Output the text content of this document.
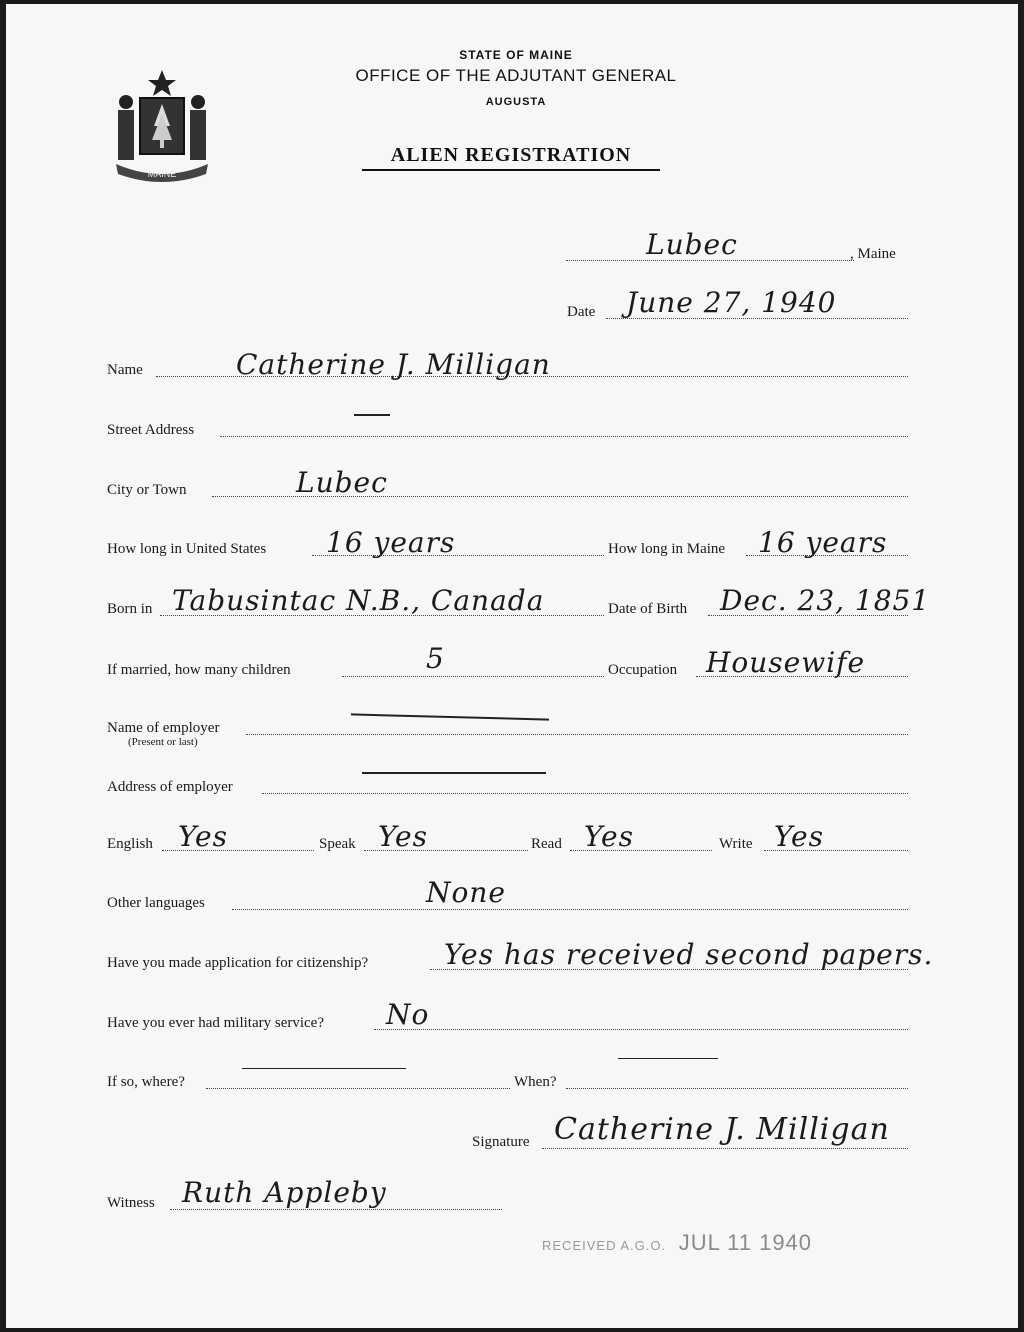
MAINE
STATE OF MAINE
OFFICE OF THE ADJUTANT GENERAL
AUGUSTA
ALIEN REGISTRATION
Lubec	, Maine
Date June 27, 1940
Name	Catherine J. Milligan
Street Address
City or Town	Lubec
How long in United States 16 years	How long in Maine 16 years
Born in Tabusintac N.B., Canada	Date of Birth Dec. 23, 1851
If married, how many children	5	Occupation Housewife
Name of employer
(Present or last)
Address of employer
English Yes	Speak Yes	Read Yes	Write Yes
Other languages	None
Have you made application for citizenship?	Yes has received second papers.
Have you ever had military service? No
If so, where?	When?
Signature Catherine J. Milligan
Witness Ruth Appleby
RECEIVED A.G.O. JUL 11 1940
